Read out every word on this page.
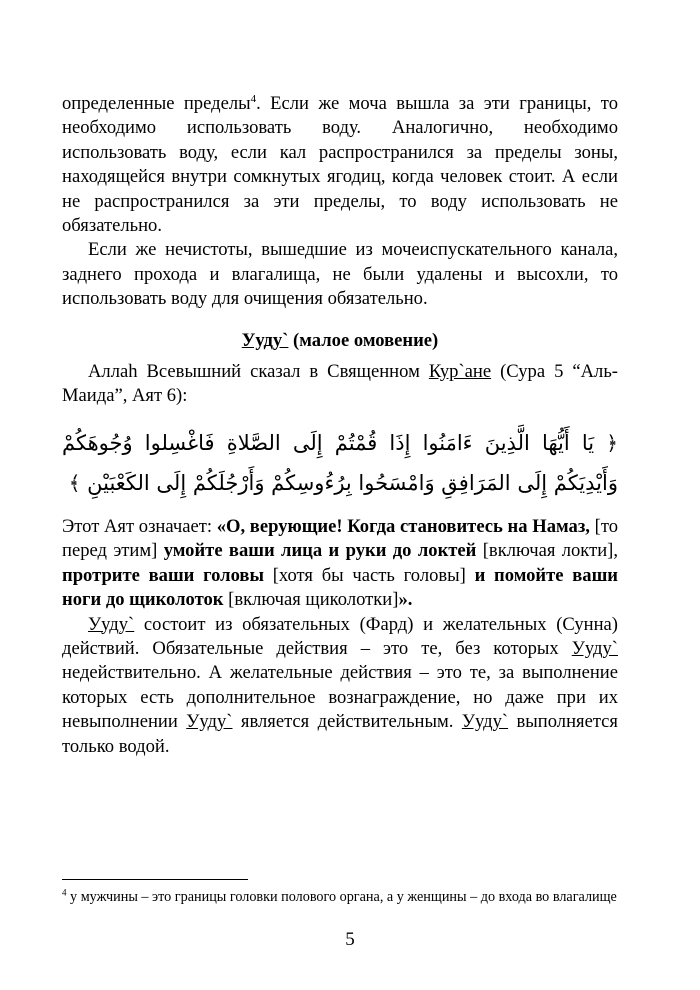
определенные пределы$^4$. Если же моча вышла за эти границы, то необходимо использовать воду. Аналогично, необходимо использовать воду, если кал распространился за пределы зоны, находящейся внутри сомкнутых ягодиц, когда человек стоит. А если не распространился за эти пределы, то воду использовать не обязательно.

Если же нечистоты, вышедшие из мочеиспускательного канала, заднего прохода и влагалища, не были удалены и высохли, то использовать воду для очищения обязательно.

Ууду` (малое омовение)

Аллаh Всевышний сказал в Священном Кур`ане (Сура 5 “Аль-Маида”, Аят 6):

﴿ يَا أَيُّهَا الَّذِينَ ءَامَنُوا إِذَا قُمْتُمْ إِلَى الصَّلاةِ فَاغْسِلوا وُجُوهَكُمْ وَأَيْدِيَكُمْ إِلَى المَرَافِقِ وَامْسَحُوا بِرُءُوسِكُمْ وَأَرْجُلَكُمْ إِلَى الكَعْبَيْنِ ﴾

Этот Аят означает: «О, верующие! Когда становитесь на Намаз, [то перед этим] умойте ваши лица и руки до локтей [включая локти], протрите ваши головы [хотя бы часть головы] и помойте ваши ноги до щиколоток [включая щиколотки]».

Ууду` состоит из обязательных (Фард) и желательных (Сунна) действий. Обязательные действия – это те, без которых Ууду` недействительно. А желательные действия – это те, за выполнение которых есть дополнительное вознаграждение, но даже при их невыполнении Ууду` является действительным. Ууду` выполняется только водой.

$^4$ у мужчины – это границы головки полового органа, а у женщины – до входа во влагалище
5
